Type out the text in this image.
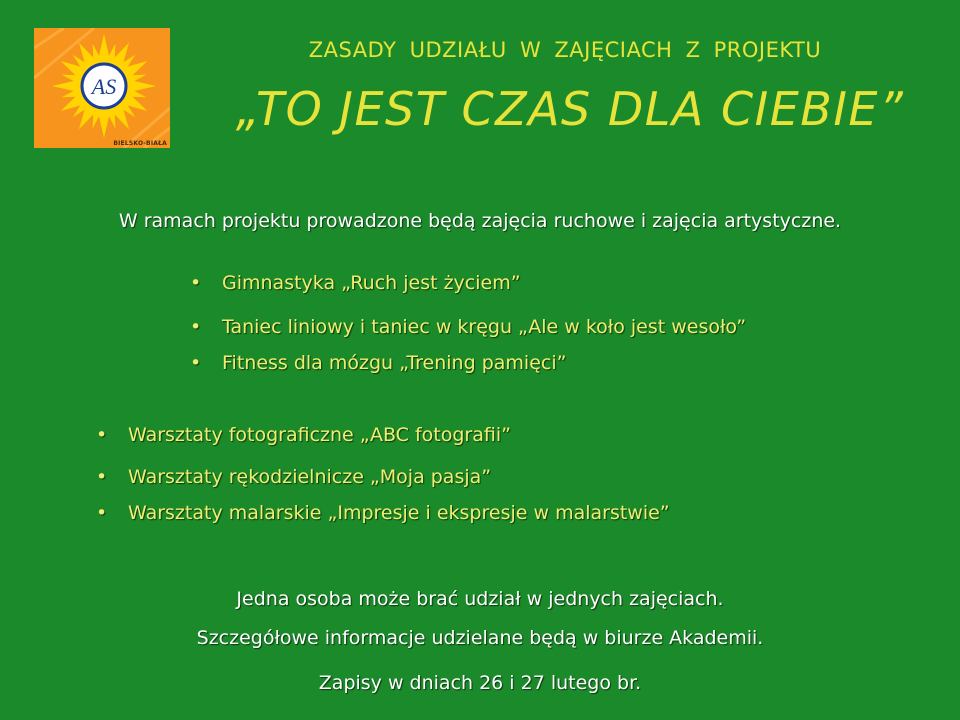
AS
BIELSKO-BIAŁA
ZASADY UDZIAŁU W ZAJĘCIACH Z PROJEKTU
„TO JEST CZAS DLA CIEBIE”
W ramach projektu prowadzone będą zajęcia ruchowe i zajęcia artystyczne.
• Gimnastyka „Ruch jest życiem”
• Taniec liniowy i taniec w kręgu „Ale w koło jest wesoło”
• Fitness dla mózgu „Trening pamięci”
• Warsztaty fotograficzne „ABC fotografii”
• Warsztaty rękodzielnicze „Moja pasja”
• Warsztaty malarskie „Impresje i ekspresje w malarstwie”
Jedna osoba może brać udział w jednych zajęciach.
Szczegółowe informacje udzielane będą w biurze Akademii.
Zapisy w dniach 26 i 27 lutego br.
